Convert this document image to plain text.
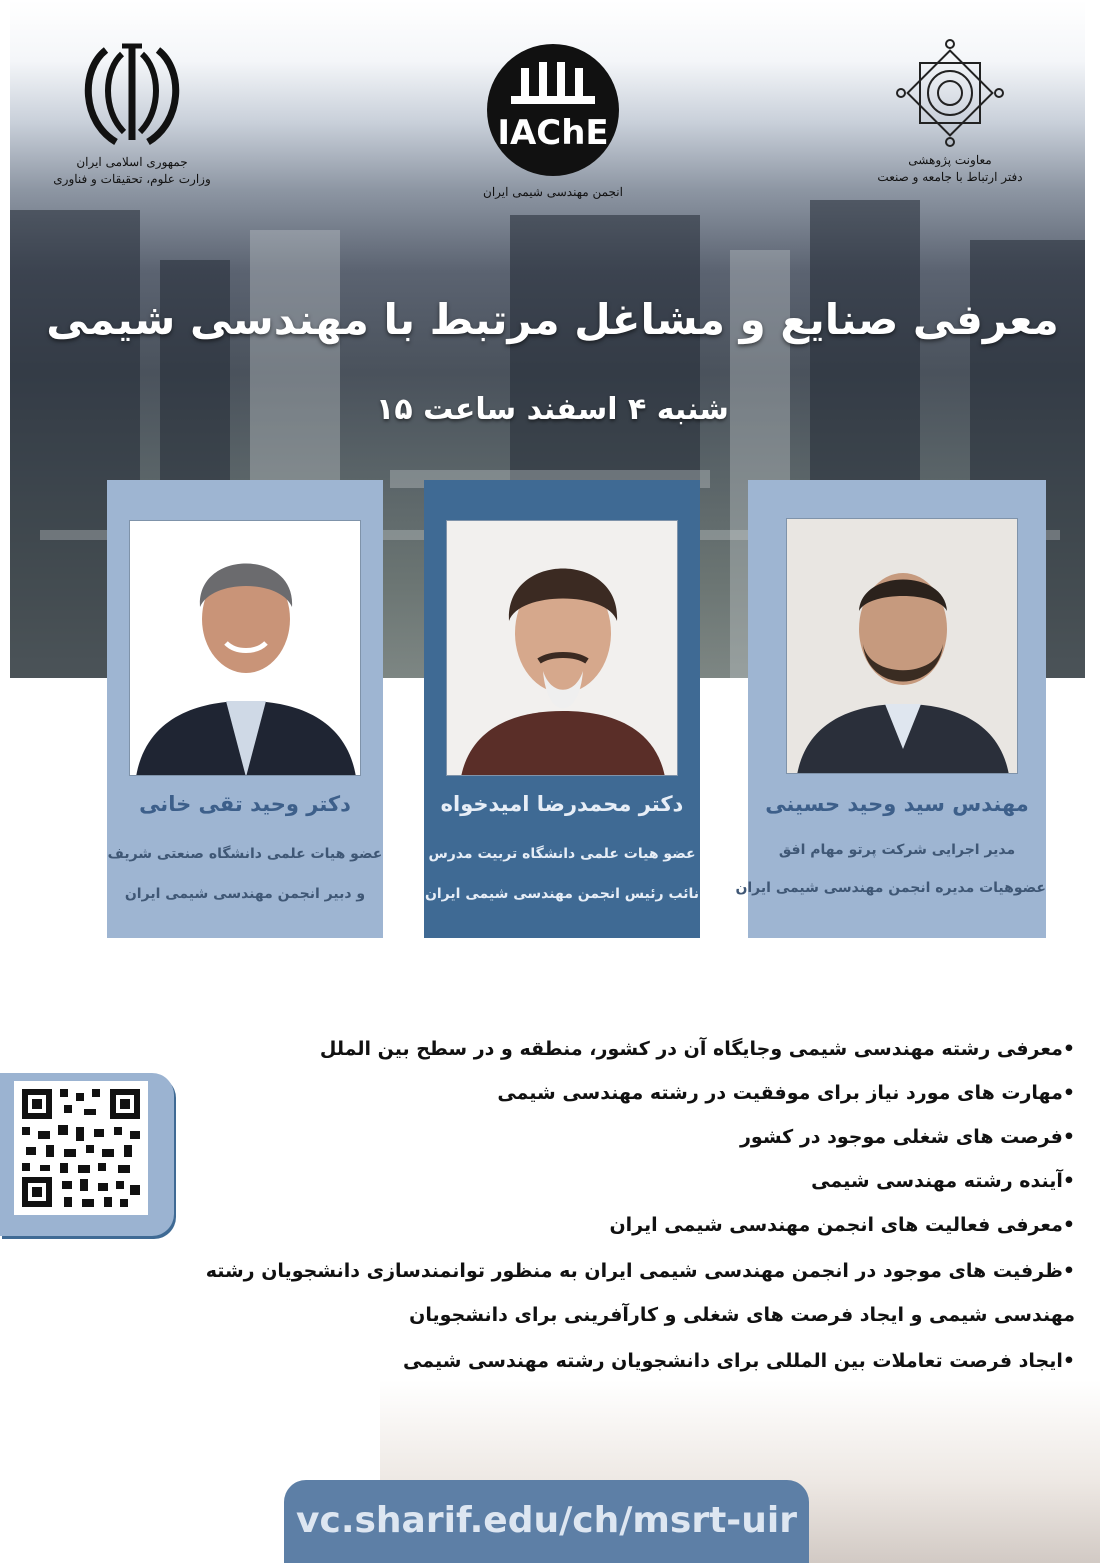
جمهوری اسلامی ایران
وزارت علوم، تحقیقات و فناوری
IAChE
انجمن مهندسی شیمی ایران
معاونت پژوهشی
دفتر ارتباط با جامعه و صنعت
معرفی صنایع و مشاغل مرتبط با مهندسی شیمی
شنبه ۴ اسفند ساعت ۱۵
مهندس سید وحید حسینی
مدیر اجرایی شرکت پرتو مهام افق
عضوهیات مدیره انجمن مهندسی شیمی ایران
دکتر محمدرضا امیدخواه
عضو هیات علمی دانشگاه تربیت مدرس
نائب رئیس انجمن مهندسی شیمی ایران
دکتر وحید تقی خانی
عضو هیات علمی دانشگاه صنعتی شریف
و دبیر انجمن مهندسی شیمی ایران
•معرفی رشته مهندسی شیمی وجایگاه آن در کشور، منطقه و در سطح بین الملل
•مهارت های مورد نیاز برای موفقیت در رشته مهندسی شیمی
•فرصت های شغلی موجود در کشور
•آینده رشته مهندسی شیمی
•معرفی فعالیت های انجمن مهندسی شیمی ایران
•ظرفیت های موجود در انجمن مهندسی شیمی ایران به منظور توانمندسازی دانشجویان رشته
مهندسی شیمی و ایجاد فرصت های شغلی و کارآفرینی برای دانشجویان
•ایجاد فرصت تعاملات بین المللی برای دانشجویان رشته مهندسی شیمی
vc.sharif.edu/ch/msrt-uir
